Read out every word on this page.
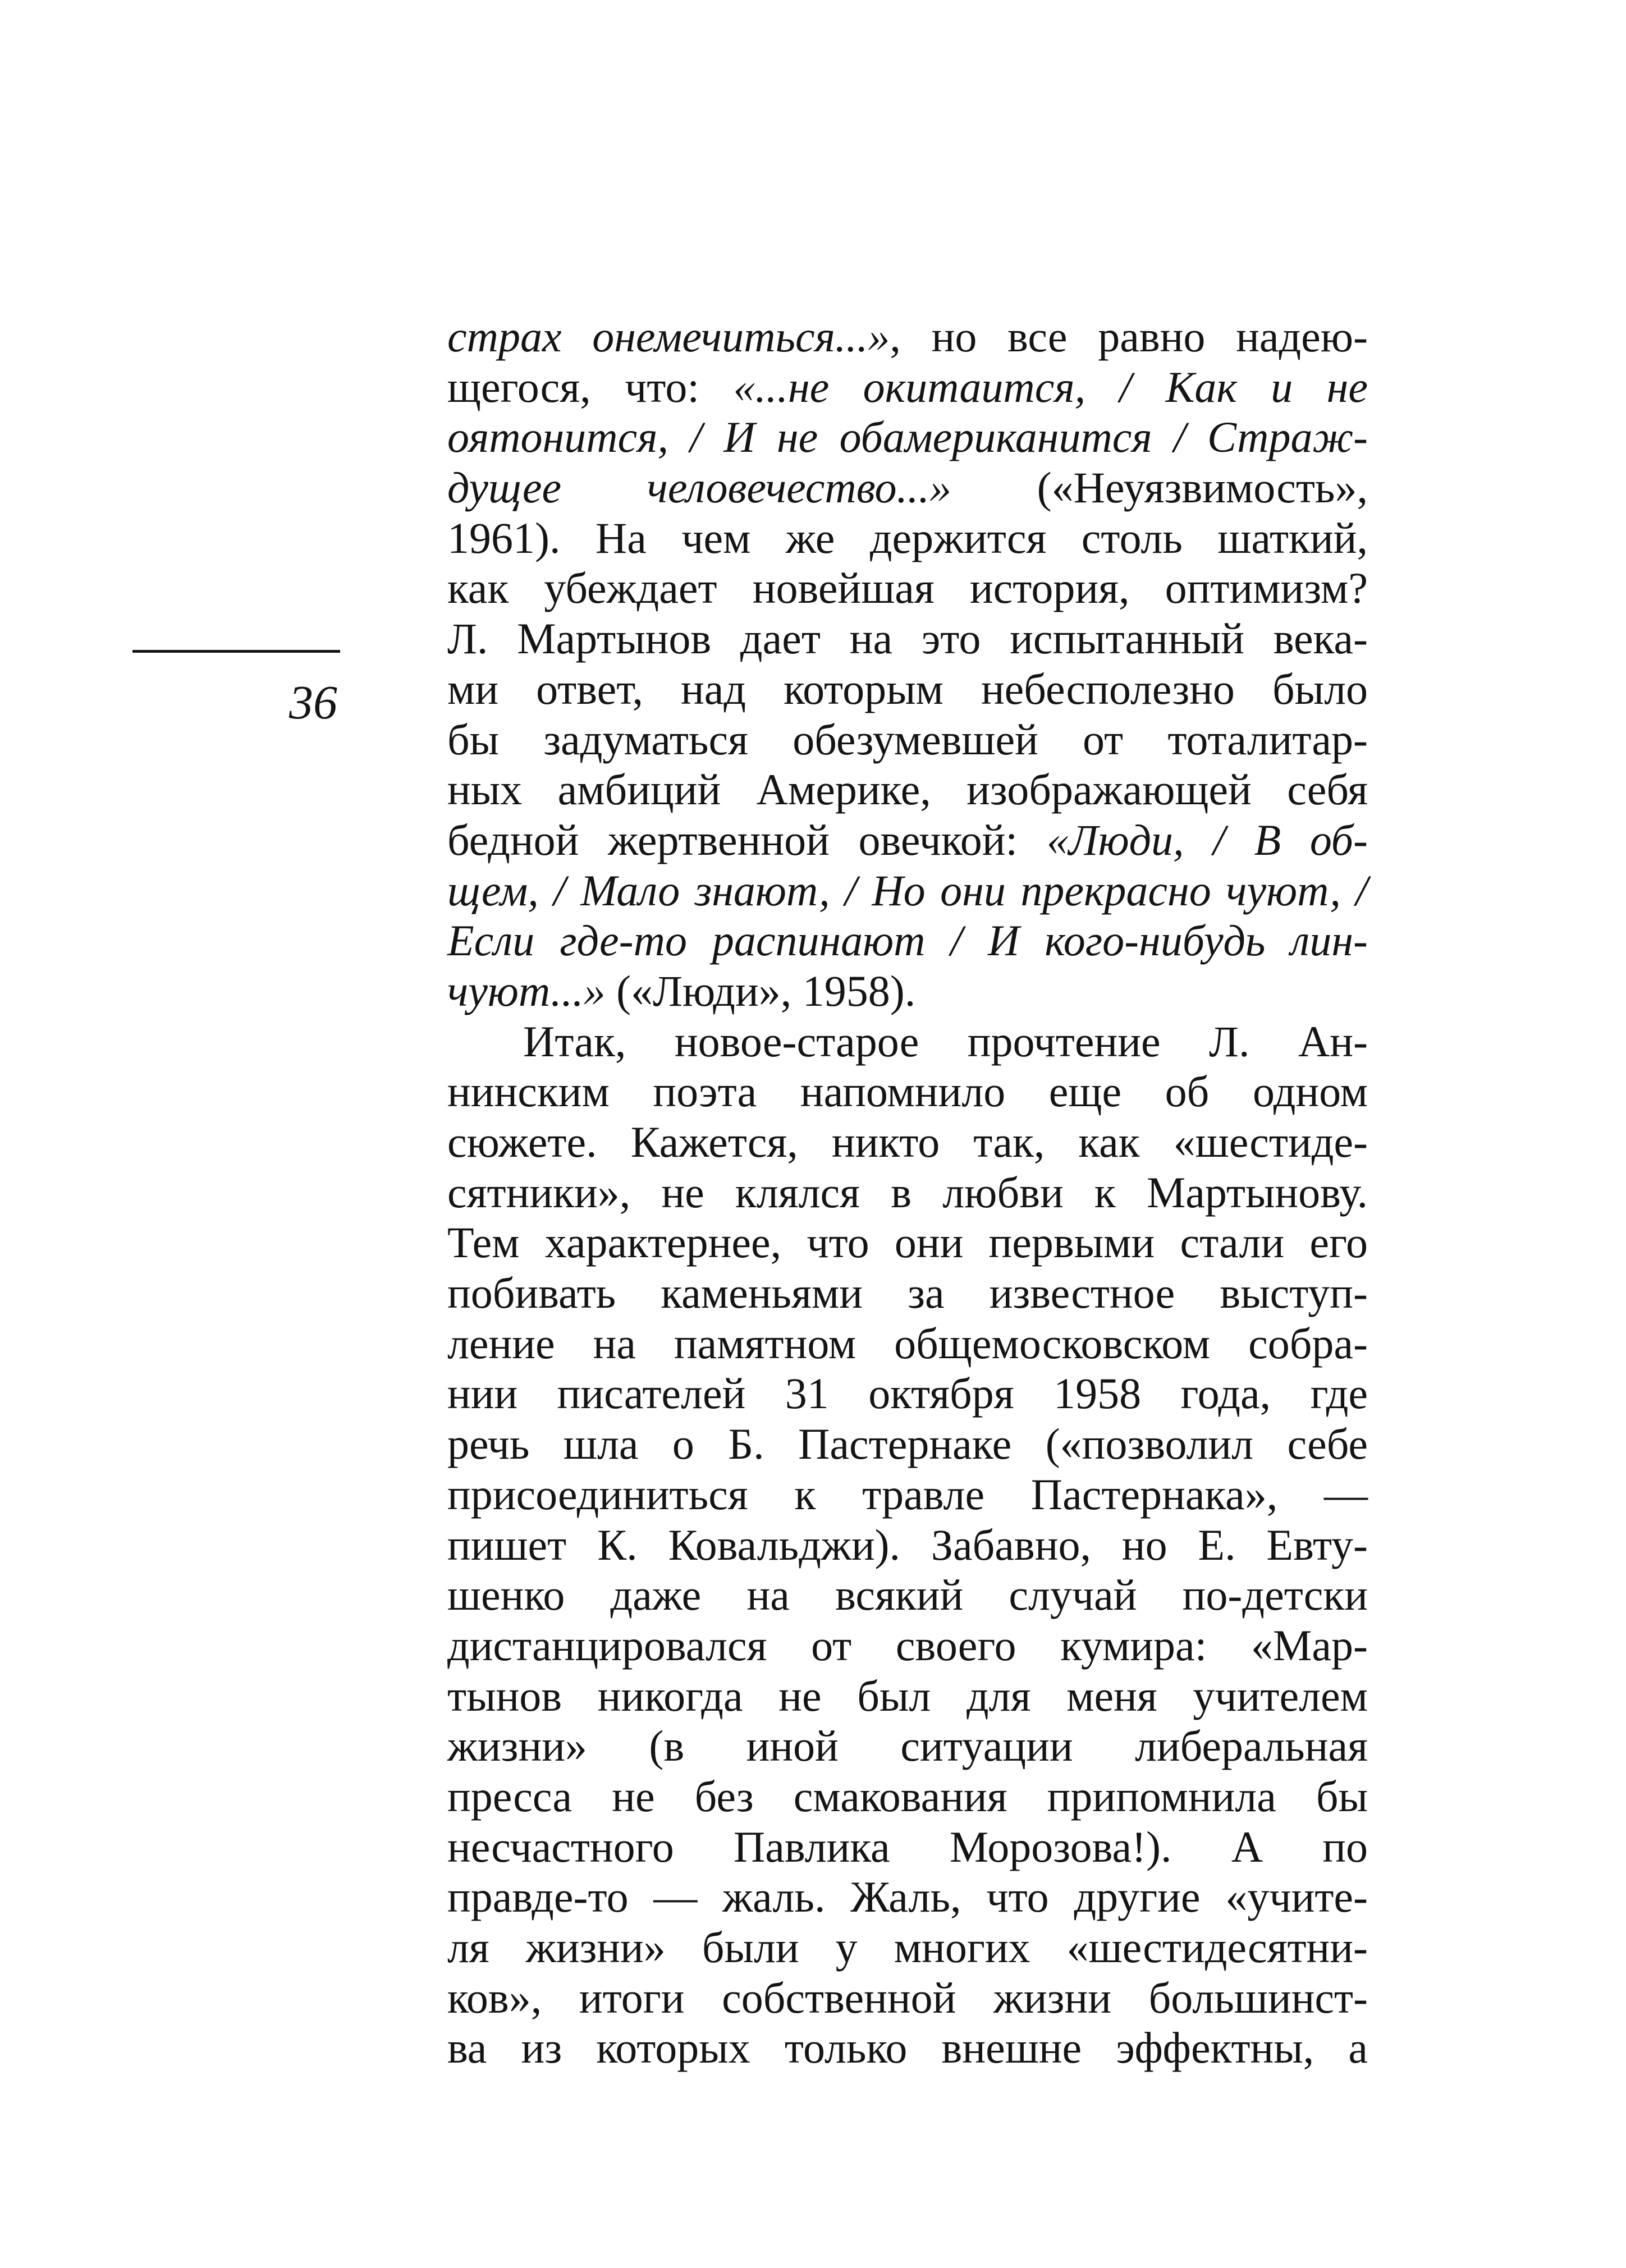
36
страх онемечиться...», но все равно надею-
щегося, что: «...не окитаится, / Как и не
оятонится, / И не обамериканится / Страж-
дущее человечество...» («Неуязвимость»,
1961). На чем же держится столь шаткий,
как убеждает новейшая история, оптимизм?
Л. Мартынов дает на это испытанный века-
ми ответ, над которым небесполезно было
бы задуматься обезумевшей от тоталитар-
ных амбиций Америке, изображающей себя
бедной жертвенной овечкой: «Люди, / В об-
щем, / Мало знают, / Но они прекрасно чуют, /
Если где-то распинают / И кого-нибудь лин-
чуют...» («Люди», 1958).
Итак, новое-старое прочтение Л. Ан-
нинским поэта напомнило еще об одном
сюжете. Кажется, никто так, как «шестиде-
сятники», не клялся в любви к Мартынову.
Тем характернее, что они первыми стали его
побивать каменьями за известное выступ-
ление на памятном общемосковском собра-
нии писателей 31 октября 1958 года, где
речь шла о Б. Пастернаке («позволил себе
присоединиться к травле Пастернака», —
пишет К. Ковальджи). Забавно, но Е. Евту-
шенко даже на всякий случай по-детски
дистанцировался от своего кумира: «Мар-
тынов никогда не был для меня учителем
жизни» (в иной ситуации либеральная
пресса не без смакования припомнила бы
несчастного Павлика Морозова!). А по
правде-то — жаль. Жаль, что другие «учите-
ля жизни» были у многих «шестидесятни-
ков», итоги собственной жизни большинст-
ва из которых только внешне эффектны, а
